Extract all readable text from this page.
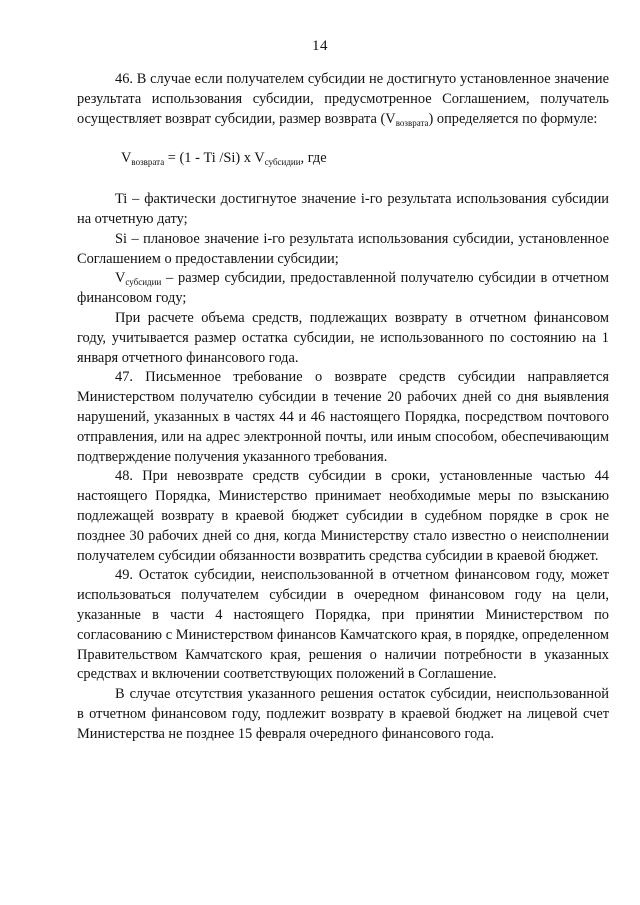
14

46. В случае если получателем субсидии не достигнуто установленное значение результата использования субсидии, предусмотренное Соглашением, получатель осуществляет возврат субсидии, размер возврата $(V_{возврата})$ определяется по формуле:

$V_{возврата} = (1 - Ti$ /Si) x $V_{субсидии}$, где

Ti – фактически достигнутое значение i-го результата использования субсидии на отчетную дату;

Si – плановое значение i-го результата использования субсидии, установленное Соглашением о предоставлении субсидии;

$V_{субсидии}$ – размер субсидии, предоставленной получателю субсидии в отчетном финансовом году;

При расчете объема средств, подлежащих возврату в отчетном финансовом году, учитывается размер остатка субсидии, не использованного по состоянию на 1 января отчетного финансового года.

47. Письменное требование о возврате средств субсидии направляется Министерством получателю субсидии в течение 20 рабочих дней со дня выявления нарушений, указанных в частях 44 и 46 настоящего Порядка, посредством почтового отправления, или на адрес электронной почты, или иным способом, обеспечивающим подтверждение получения указанного требования.

48. При невозврате средств субсидии в сроки, установленные частью 44 настоящего Порядка, Министерство принимает необходимые меры по взысканию подлежащей возврату в краевой бюджет субсидии в судебном порядке в срок не позднее 30 рабочих дней со дня, когда Министерству стало известно о неисполнении получателем субсидии обязанности возвратить средства субсидии в краевой бюджет.

49. Остаток субсидии, неиспользованной в отчетном финансовом году, может использоваться получателем субсидии в очередном финансовом году на цели, указанные в части 4 настоящего Порядка, при принятии Министерством по согласованию с Министерством финансов Камчатского края, в порядке, определенном Правительством Камчатского края, решения о наличии потребности в указанных средствах и включении соответствующих положений в Соглашение.

В случае отсутствия указанного решения остаток субсидии, неиспользованной в отчетном финансовом году, подлежит возврату в краевой бюджет на лицевой счет Министерства не позднее 15 февраля очередного финансового года.
